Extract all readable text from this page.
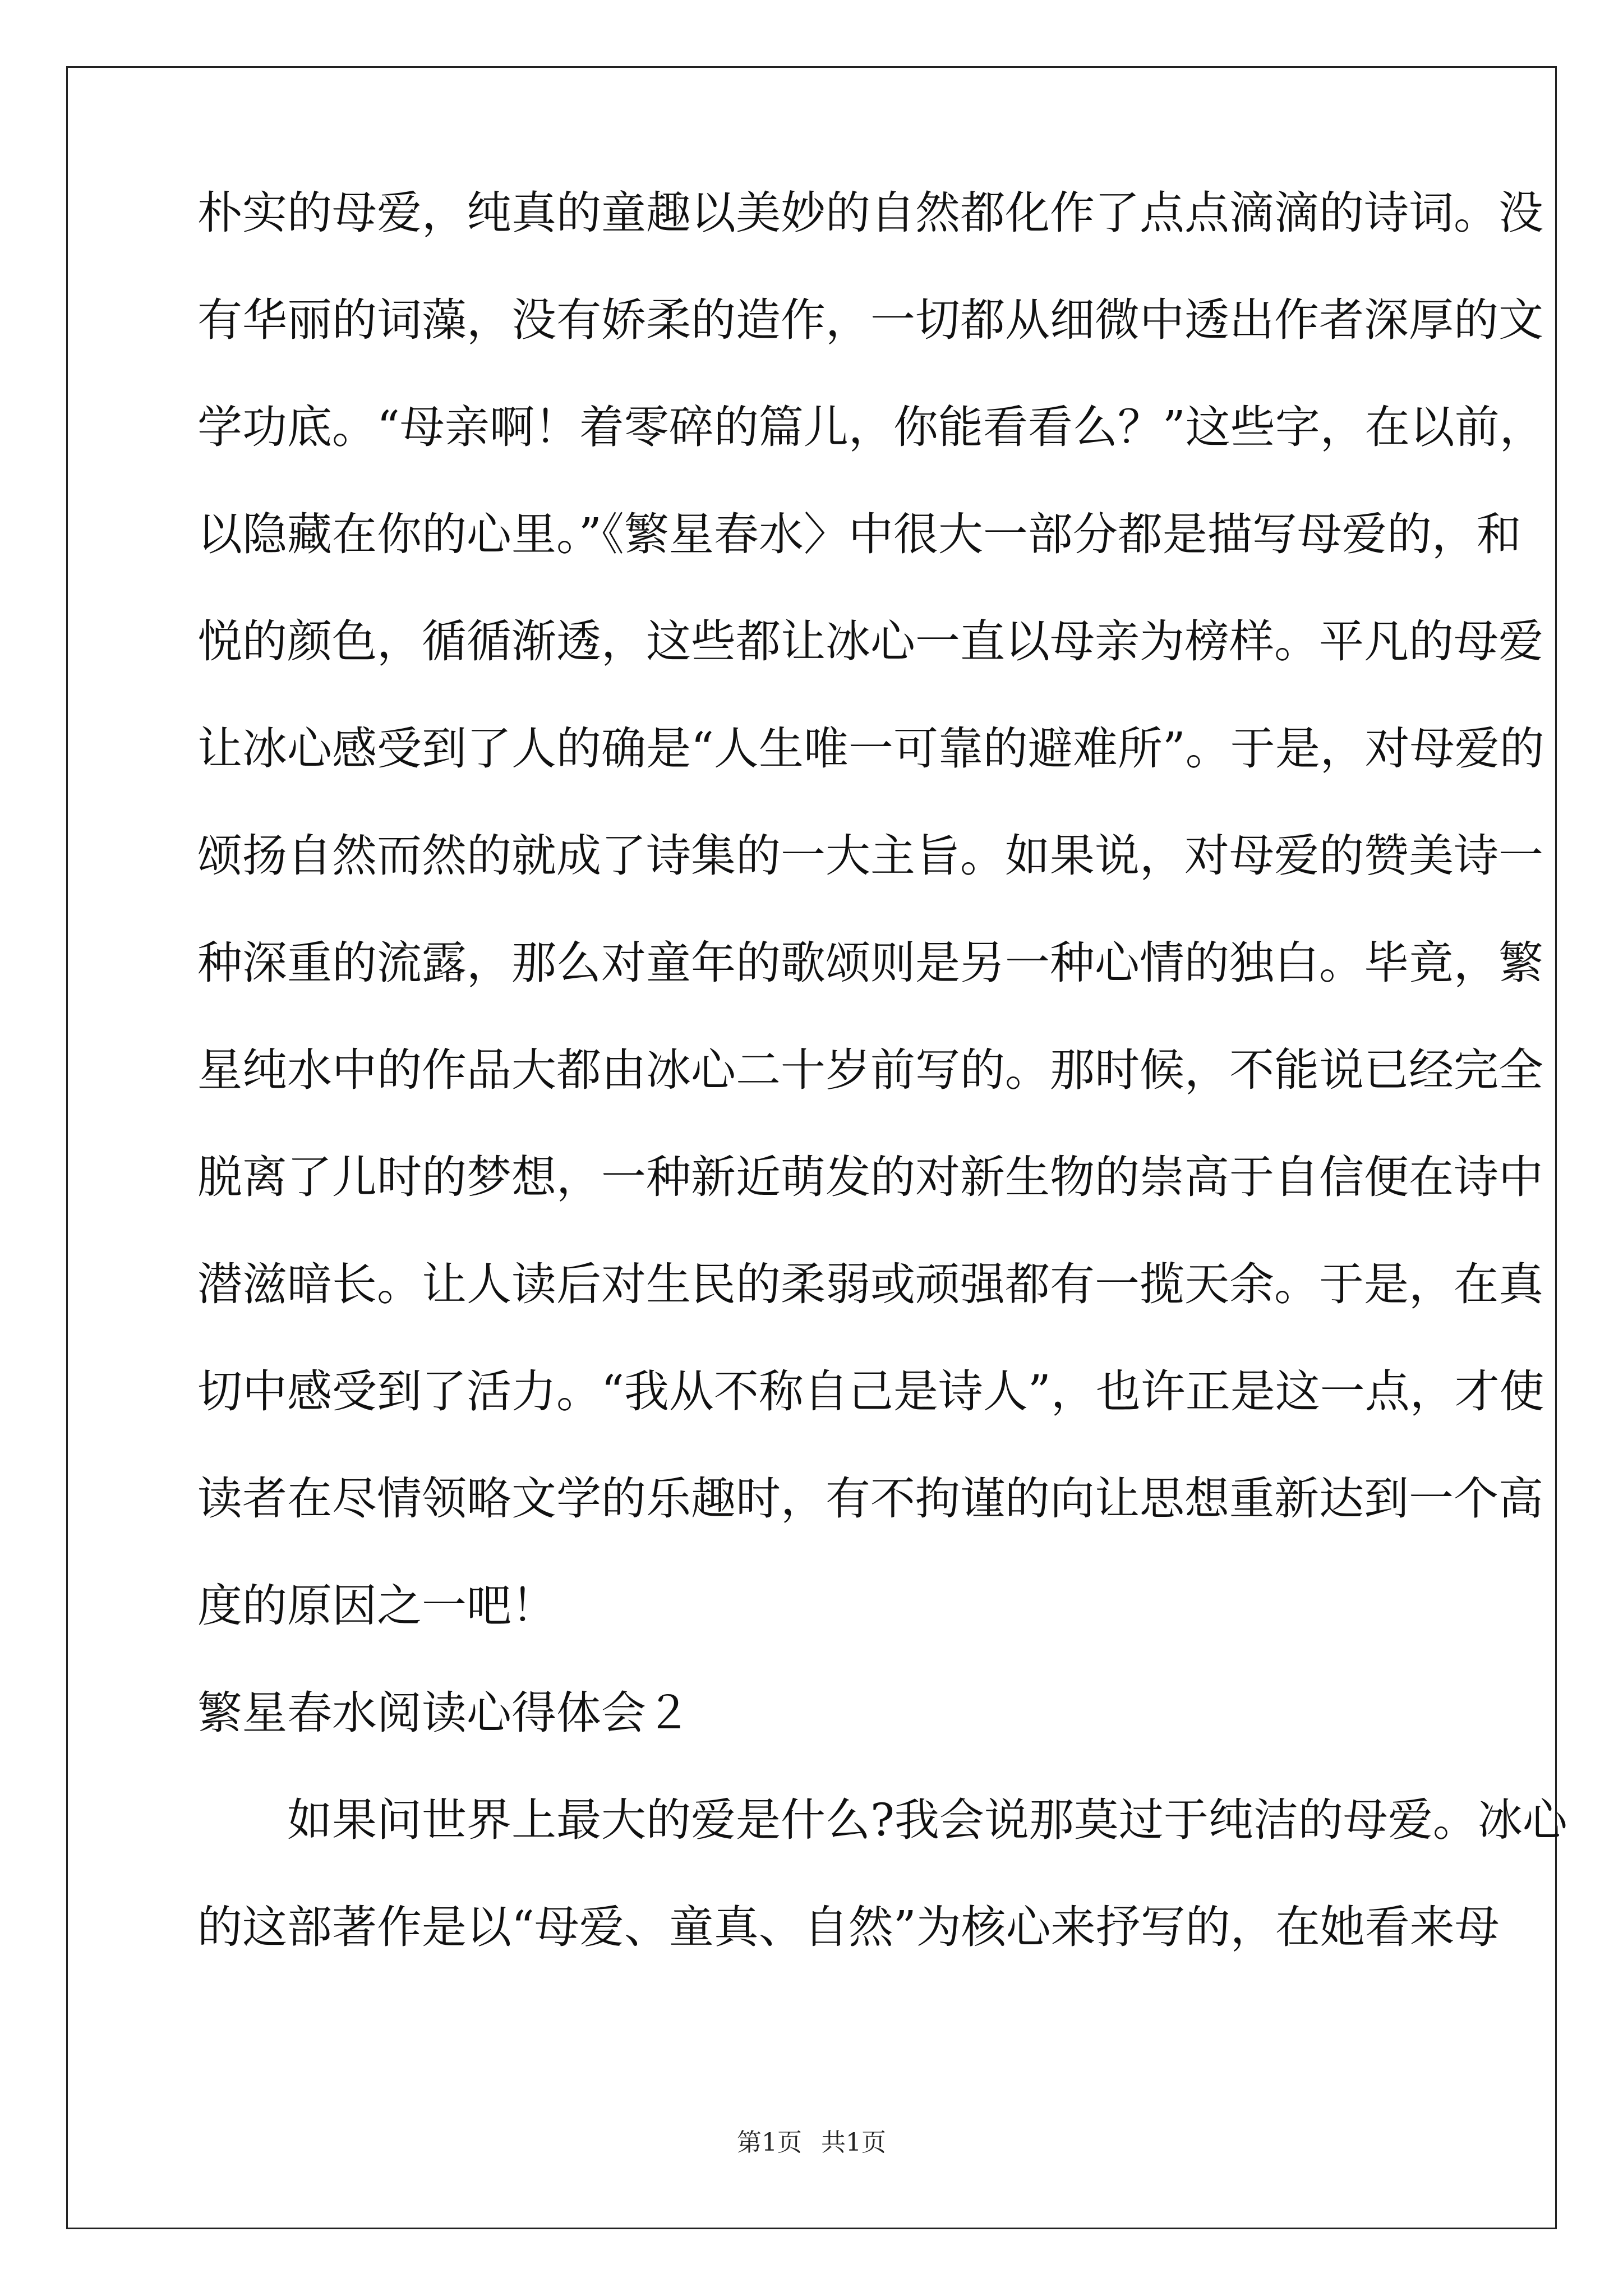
朴实的母爱，纯真的童趣以美妙的自然都化作了点点滴滴的诗词。没
有华丽的词藻，没有娇柔的造作，一切都从细微中透出作者深厚的文
学功底。“母亲啊！着零碎的篇儿，你能看看么？”这些字，在以前，
以隐藏在你的心里。”《繁星春水〉中很大一部分都是描写母爱的，和
悦的颜色，循循渐透，这些都让冰心一直以母亲为榜样。平凡的母爱
让冰心感受到了人的确是“人生唯一可靠的避难所”。于是，对母爱的
颂扬自然而然的就成了诗集的一大主旨。如果说，对母爱的赞美诗一
种深重的流露，那么对童年的歌颂则是另一种心情的独白。毕竟，繁
星纯水中的作品大都由冰心二十岁前写的。那时候，不能说已经完全
脱离了儿时的梦想，一种新近萌发的对新生物的崇高于自信便在诗中
潜滋暗长。让人读后对生民的柔弱或顽强都有一揽天余。于是，在真
切中感受到了活力。“我从不称自己是诗人”，也许正是这一点，才使
读者在尽情领略文学的乐趣时，有不拘谨的向让思想重新达到一个高
度的原因之一吧！
繁星春水阅读心得体会２
如果问世界上最大的爱是什么?我会说那莫过于纯洁的母爱。冰心
的这部著作是以“母爱、童真、自然”为核心来抒写的，在她看来母
第1页 共1页
